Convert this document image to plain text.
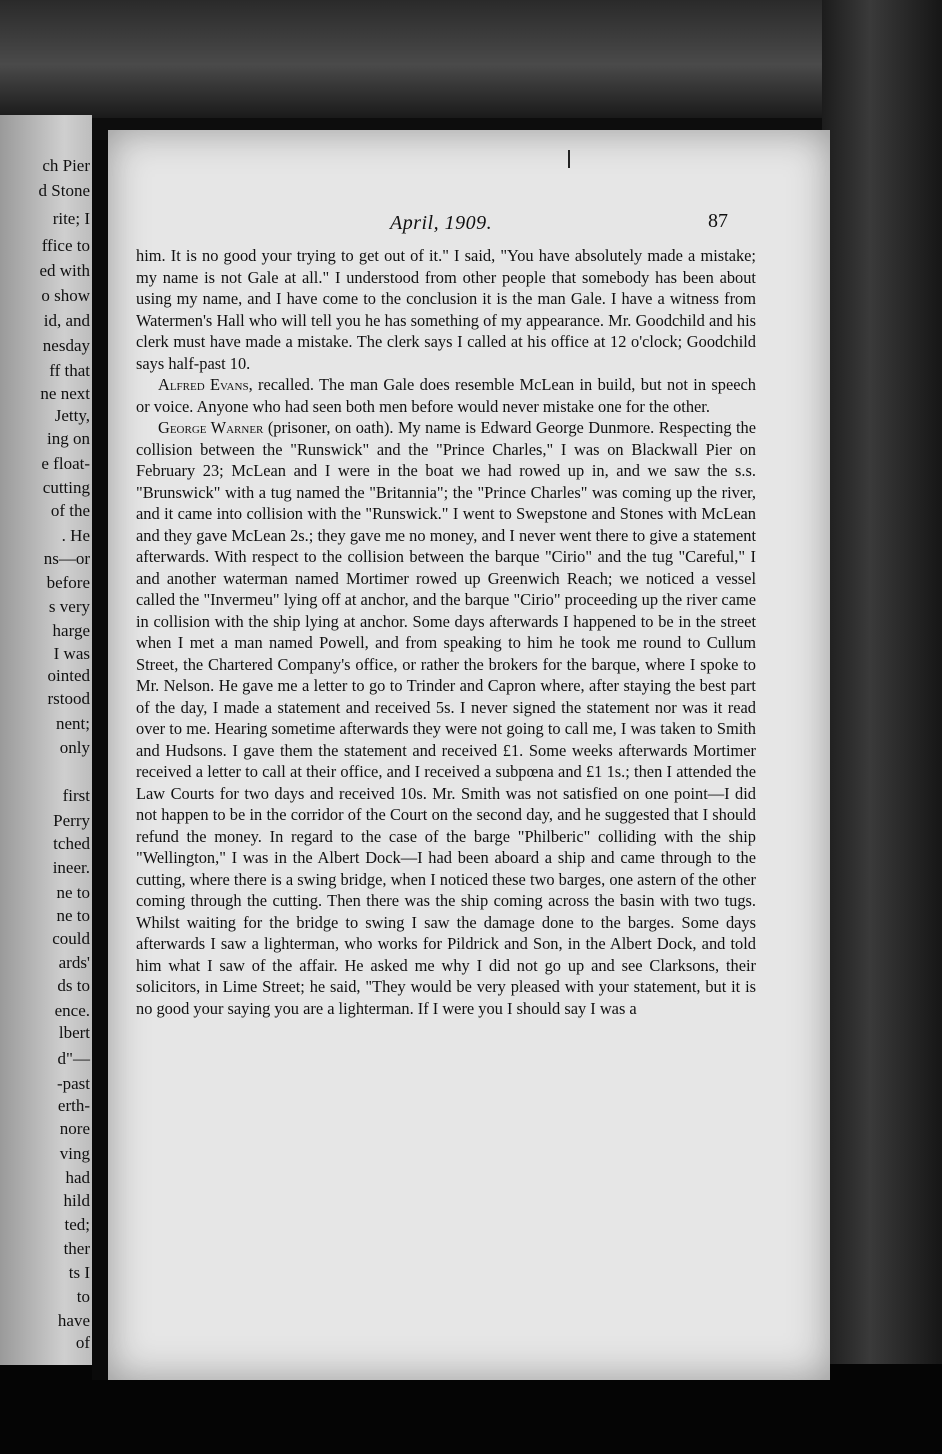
ch Pier
d Stone
rite; I
ffice to
ed with
o show
id, and
nesday
ff that
ne next
Jetty,
ing on
e float-
cutting
of the
. He
ns—or
before
s very
harge
I was
ointed
rstood
nent;
only
first
Perry
tched
ineer.
ne to
ne to
could
ards'
ds to
ence.
lbert
d"—
-past
erth-
nore
ving
had
hild
ted;
ther
ts I
to
have
of
April, 1909.	87

him. It is no good your trying to get out of it." I said, "You have absolutely made a mistake; my name is not Gale at all." I understood from other people that somebody has been about using my name, and I have come to the conclusion it is the man Gale. I have a witness from Watermen's Hall who will tell you he has something of my appearance. Mr. Goodchild and his clerk must have made a mistake. The clerk says I called at his office at 12 o'clock; Goodchild says half-past 10.

Alfred Evans, recalled. The man Gale does resemble McLean in build, but not in speech or voice. Anyone who had seen both men before would never mistake one for the other.

George Warner (prisoner, on oath). My name is Edward George Dunmore. Respecting the collision between the "Runswick" and the "Prince Charles," I was on Blackwall Pier on February 23; McLean and I were in the boat we had rowed up in, and we saw the s.s. "Brunswick" with a tug named the "Britannia"; the "Prince Charles" was coming up the river, and it came into collision with the "Runswick." I went to Swepstone and Stones with McLean and they gave McLean 2s.; they gave me no money, and I never went there to give a statement afterwards. With respect to the collision between the barque "Cirio" and the tug "Careful," I and another waterman named Mortimer rowed up Greenwich Reach; we noticed a vessel called the "Invermeu" lying off at anchor, and the barque "Cirio" proceeding up the river came in collision with the ship lying at anchor. Some days afterwards I happened to be in the street when I met a man named Powell, and from speaking to him he took me round to Cullum Street, the Chartered Company's office, or rather the brokers for the barque, where I spoke to Mr. Nelson. He gave me a letter to go to Trinder and Capron where, after staying the best part of the day, I made a statement and received 5s. I never signed the statement nor was it read over to me. Hearing sometime afterwards they were not going to call me, I was taken to Smith and Hudsons. I gave them the statement and received £1. Some weeks afterwards Mortimer received a letter to call at their office, and I received a subpœna and £1 1s.; then I attended the Law Courts for two days and received 10s. Mr. Smith was not satisfied on one point—I did not happen to be in the corridor of the Court on the second day, and he suggested that I should refund the money. In regard to the case of the barge "Philberic" colliding with the ship "Wellington," I was in the Albert Dock—I had been aboard a ship and came through to the cutting, where there is a swing bridge, when I noticed these two barges, one astern of the other coming through the cutting. Then there was the ship coming across the basin with two tugs. Whilst waiting for the bridge to swing I saw the damage done to the barges. Some days afterwards I saw a lighterman, who works for Pildrick and Son, in the Albert Dock, and told him what I saw of the affair. He asked me why I did not go up and see Clarksons, their solicitors, in Lime Street; he said, "They would be very pleased with your statement, but it is no good your saying you are a lighterman. If I were you I should say I was a
